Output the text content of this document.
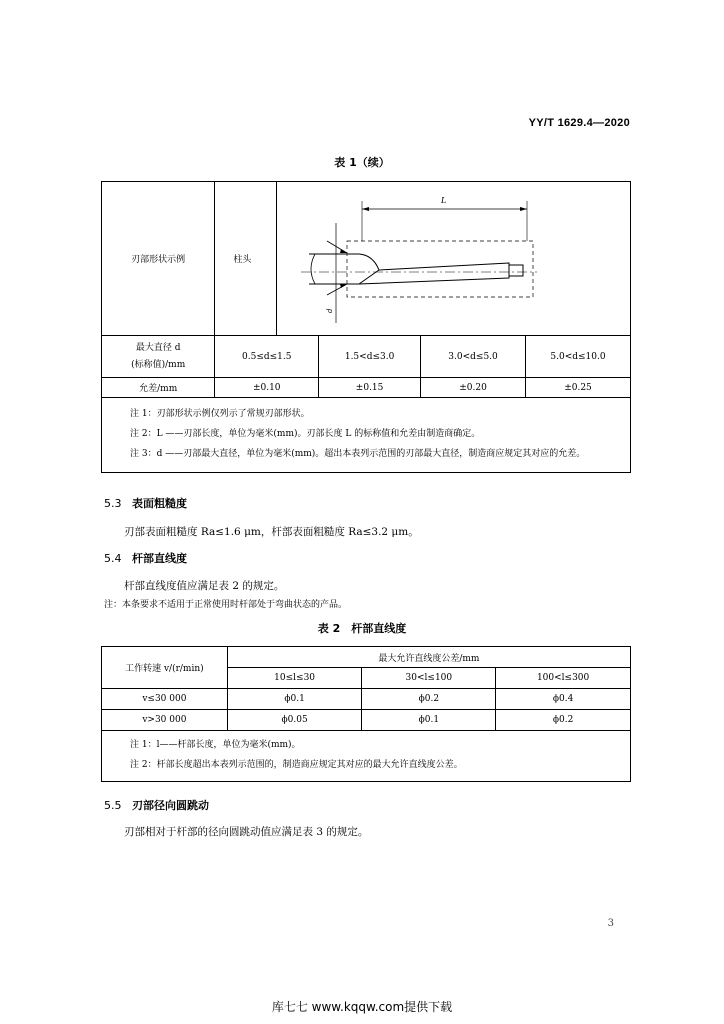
YY/T 1629.4—2020
表 1（续）
刃部形状示例	柱头	L
d			

最大直径 d
(标称值)/mm	0.5≤d≤1.5		1.5<d≤3.0	3.0<d≤5.0	5.0<d≤10.0
允差/mm	±0.10		±0.15	±0.20	±0.25

注 1：刃部形状示例仅列示了常规刃部形状。
注 2：L ——刃部长度，单位为毫米(mm)。刃部长度 L 的标称值和允差由制造商确定。
注 3：d ——刃部最大直径，单位为毫米(mm)。超出本表列示范围的刃部最大直径，制造商应规定其对应的允差。					
5.3 表面粗糙度
刃部表面粗糙度 Ra≤1.6 μm，杆部表面粗糙度 Ra≤3.2 μm。
5.4 杆部直线度
杆部直线度值应满足表 2 的规定。
注：本条要求不适用于正常使用时杆部处于弯曲状态的产品。
表 2　杆部直线度
工作转速 v/(r/min)	最大允许直线度公差/mm		
	10≤l≤30	30<l≤100	100<l≤300
v≤30 000	ϕ0.1	ϕ0.2	ϕ0.4
v>30 000	ϕ0.05	ϕ0.1	ϕ0.2

注 1：l——杆部长度，单位为毫米(mm)。
注 2：杆部长度超出本表列示范围的，制造商应规定其对应的最大允许直线度公差。			
5.5 刃部径向圆跳动
刃部相对于杆部的径向圆跳动值应满足表 3 的规定。
3
库七七 www.kqqw.com提供下载
